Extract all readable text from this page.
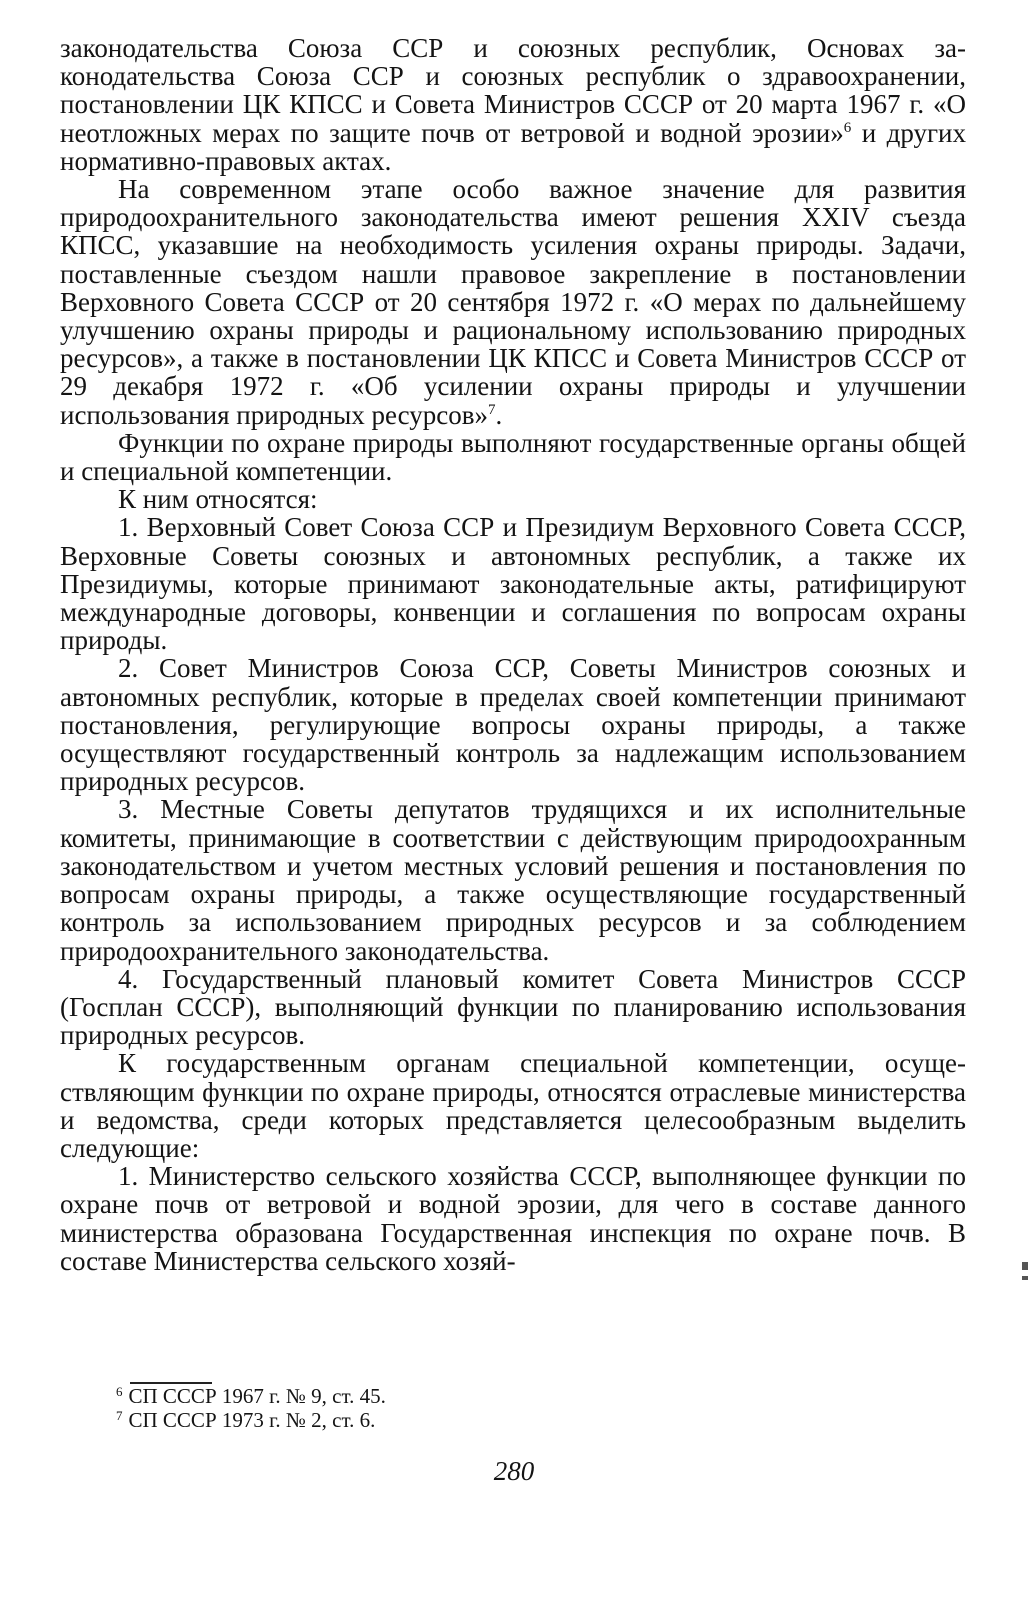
законодательства Союза ССР и союзных республик, Основах законодательства Союза ССР и союзных республик о здравоохранении, постановлении ЦК КПСС и Совета Министров СССР от 20 марта 1967 г. «О неотложных мерах по защите почв от ветровой и водной эрозии»$^6$ и других нормативно-правовых актах.

На современном этапе особо важное значение для развития природоохранительного законодательства имеют решения XXIV съезда КПСС, указавшие на необходимость усиления охраны природы. Задачи, поставленные съездом нашли правовое закрепление в постановлении Верховного Совета СССР от 20 сентября 1972 г. «О мерах по дальнейшему улучшению охраны природы и рациональному использованию природных ресурсов», а также в постановлении ЦК КПСС и Совета Министров СССР от 29 декабря 1972 г. «Об усилении охраны природы и улучшении использования природных ресурсов»$^7$.

Функции по охране природы выполняют государственные органы общей и специальной компетенции.

К ним относятся:

1. Верховный Совет Союза ССР и Президиум Верховного Совета СССР, Верховные Советы союзных и автономных республик, а также их Президиумы, которые принимают законодательные акты, ратифицируют международные договоры, конвенции и соглашения по вопросам охраны природы.

2. Совет Министров Союза ССР, Советы Министров союзных и автономных республик, которые в пределах своей компетенции принимают постановления, регулирующие вопросы охраны природы, а также осуществляют государственный контроль за надлежащим использованием природных ресурсов.

3. Местные Советы депутатов трудящихся и их исполнительные комитеты, принимающие в соответствии с действующим природоохранным законодательством и учетом местных условий решения и постановления по вопросам охраны природы, а также осуществляющие государственный контроль за использованием природных ресурсов и за соблюдением природоохранительного законодательства.

4. Государственный плановый комитет Совета Министров СССР (Госплан СССР), выполняющий функции по планированию использования природных ресурсов.

К государственным органам специальной компетенции, осуществляющим функции по охране природы, относятся отраслевые министерства и ведомства, среди которых представляется целесообразным выделить следующие:

1. Министерство сельского хозяйства СССР, выполняющее функции по охране почв от ветровой и водной эрозии, для чего в составе данного министерства образована Государственная инспекция по охране почв. В составе Министерства сельского хозяй-

$^6$ СП СССР 1967 г. № 9, ст. 45.

$^7$ СП СССР 1973 г. № 2, ст. 6.

280
